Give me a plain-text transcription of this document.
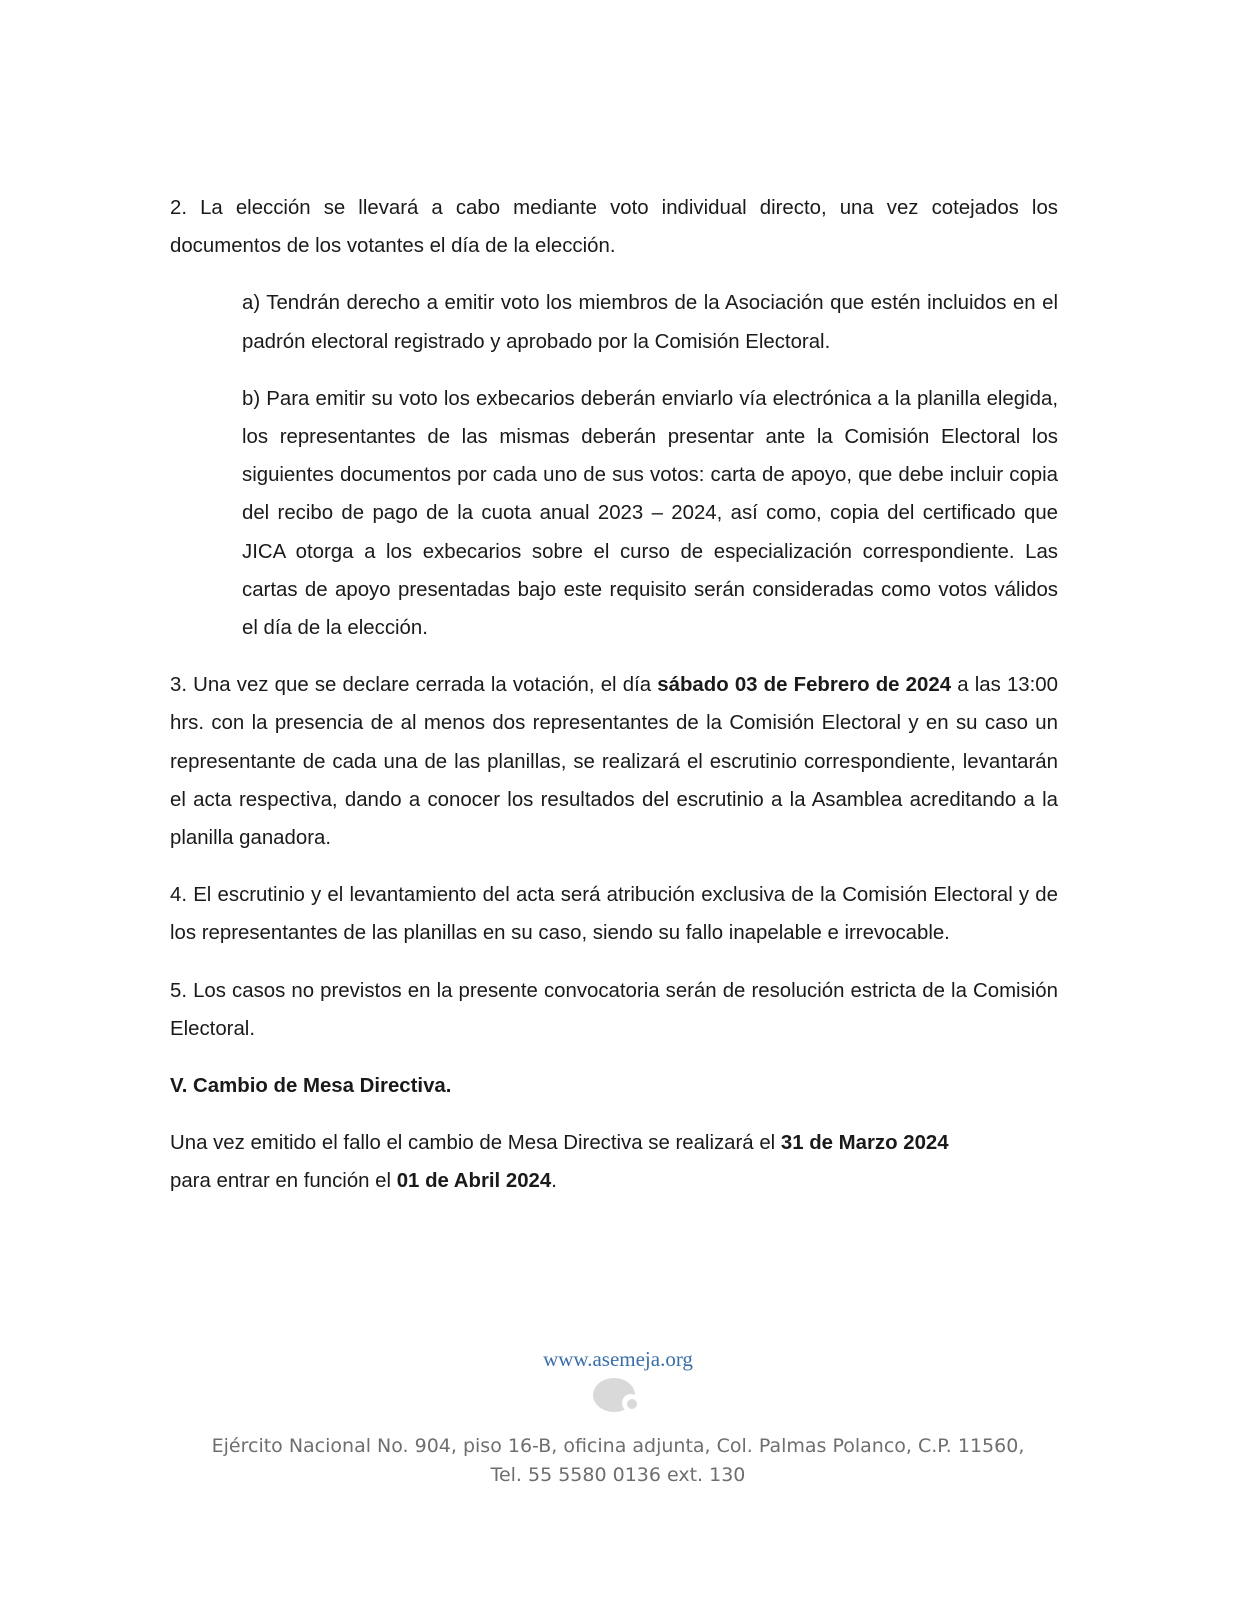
2. La elección se llevará a cabo mediante voto individual directo, una vez cotejados los documentos de los votantes el día de la elección.

a) Tendrán derecho a emitir voto los miembros de la Asociación que estén incluidos en el padrón electoral registrado y aprobado por la Comisión Electoral.

b) Para emitir su voto los exbecarios deberán enviarlo vía electrónica a la planilla elegida, los representantes de las mismas deberán presentar ante la Comisión Electoral los siguientes documentos por cada uno de sus votos: carta de apoyo, que debe incluir copia del recibo de pago de la cuota anual 2023 – 2024, así como, copia del certificado que JICA otorga a los exbecarios sobre el curso de especialización correspondiente. Las cartas de apoyo presentadas bajo este requisito serán consideradas como votos válidos el día de la elección.

3. Una vez que se declare cerrada la votación, el día sábado 03 de Febrero de 2024 a las 13:00 hrs. con la presencia de al menos dos representantes de la Comisión Electoral y en su caso un representante de cada una de las planillas, se realizará el escrutinio correspondiente, levantarán el acta respectiva, dando a conocer los resultados del escrutinio a la Asamblea acreditando a la planilla ganadora.

4. El escrutinio y el levantamiento del acta será atribución exclusiva de la Comisión Electoral y de los representantes de las planillas en su caso, siendo su fallo inapelable e irrevocable.

5. Los casos no previstos en la presente convocatoria serán de resolución estricta de la Comisión Electoral.

V. Cambio de Mesa Directiva.

Una vez emitido el fallo el cambio de Mesa Directiva se realizará el 31 de Marzo 2024
para entrar en función el 01 de Abril 2024.

www.asemeja.org
Ejército Nacional No. 904, piso 16-B, oficina adjunta, Col. Palmas Polanco, C.P. 11560,
Tel. 55 5580 0136 ext. 130
